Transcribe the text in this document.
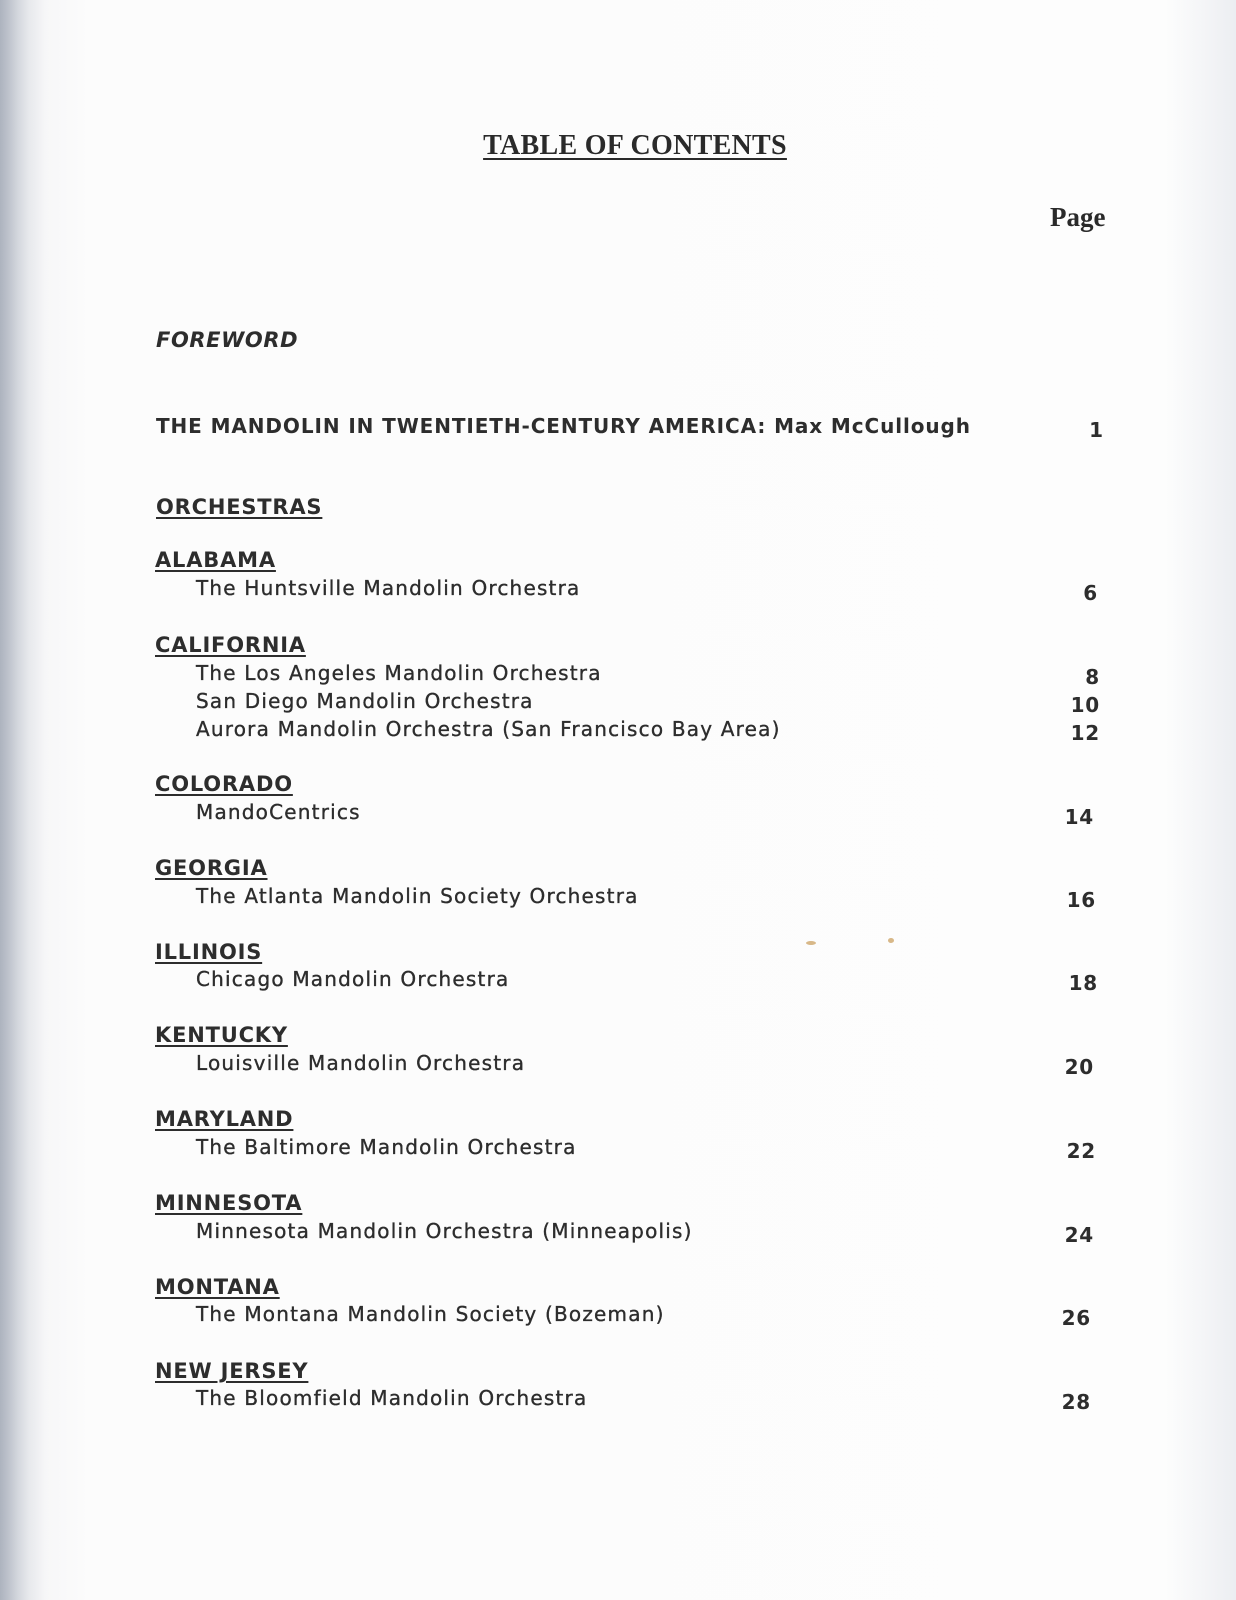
TABLE OF CONTENTS
Page
FOREWORD
THE MANDOLIN IN TWENTIETH-CENTURY AMERICA: Max McCullough	1
ORCHESTRAS
ALABAMA
The Huntsville Mandolin Orchestra	6
CALIFORNIA
The Los Angeles Mandolin Orchestra	8
San Diego Mandolin Orchestra	10
Aurora Mandolin Orchestra (San Francisco Bay Area)	12
COLORADO
MandoCentrics	14
GEORGIA
The Atlanta Mandolin Society Orchestra	16
ILLINOIS
Chicago Mandolin Orchestra	18
KENTUCKY
Louisville Mandolin Orchestra	20
MARYLAND
The Baltimore Mandolin Orchestra	22
MINNESOTA
Minnesota Mandolin Orchestra (Minneapolis)	24
MONTANA
The Montana Mandolin Society (Bozeman)	26
NEW JERSEY
The Bloomfield Mandolin Orchestra	28
